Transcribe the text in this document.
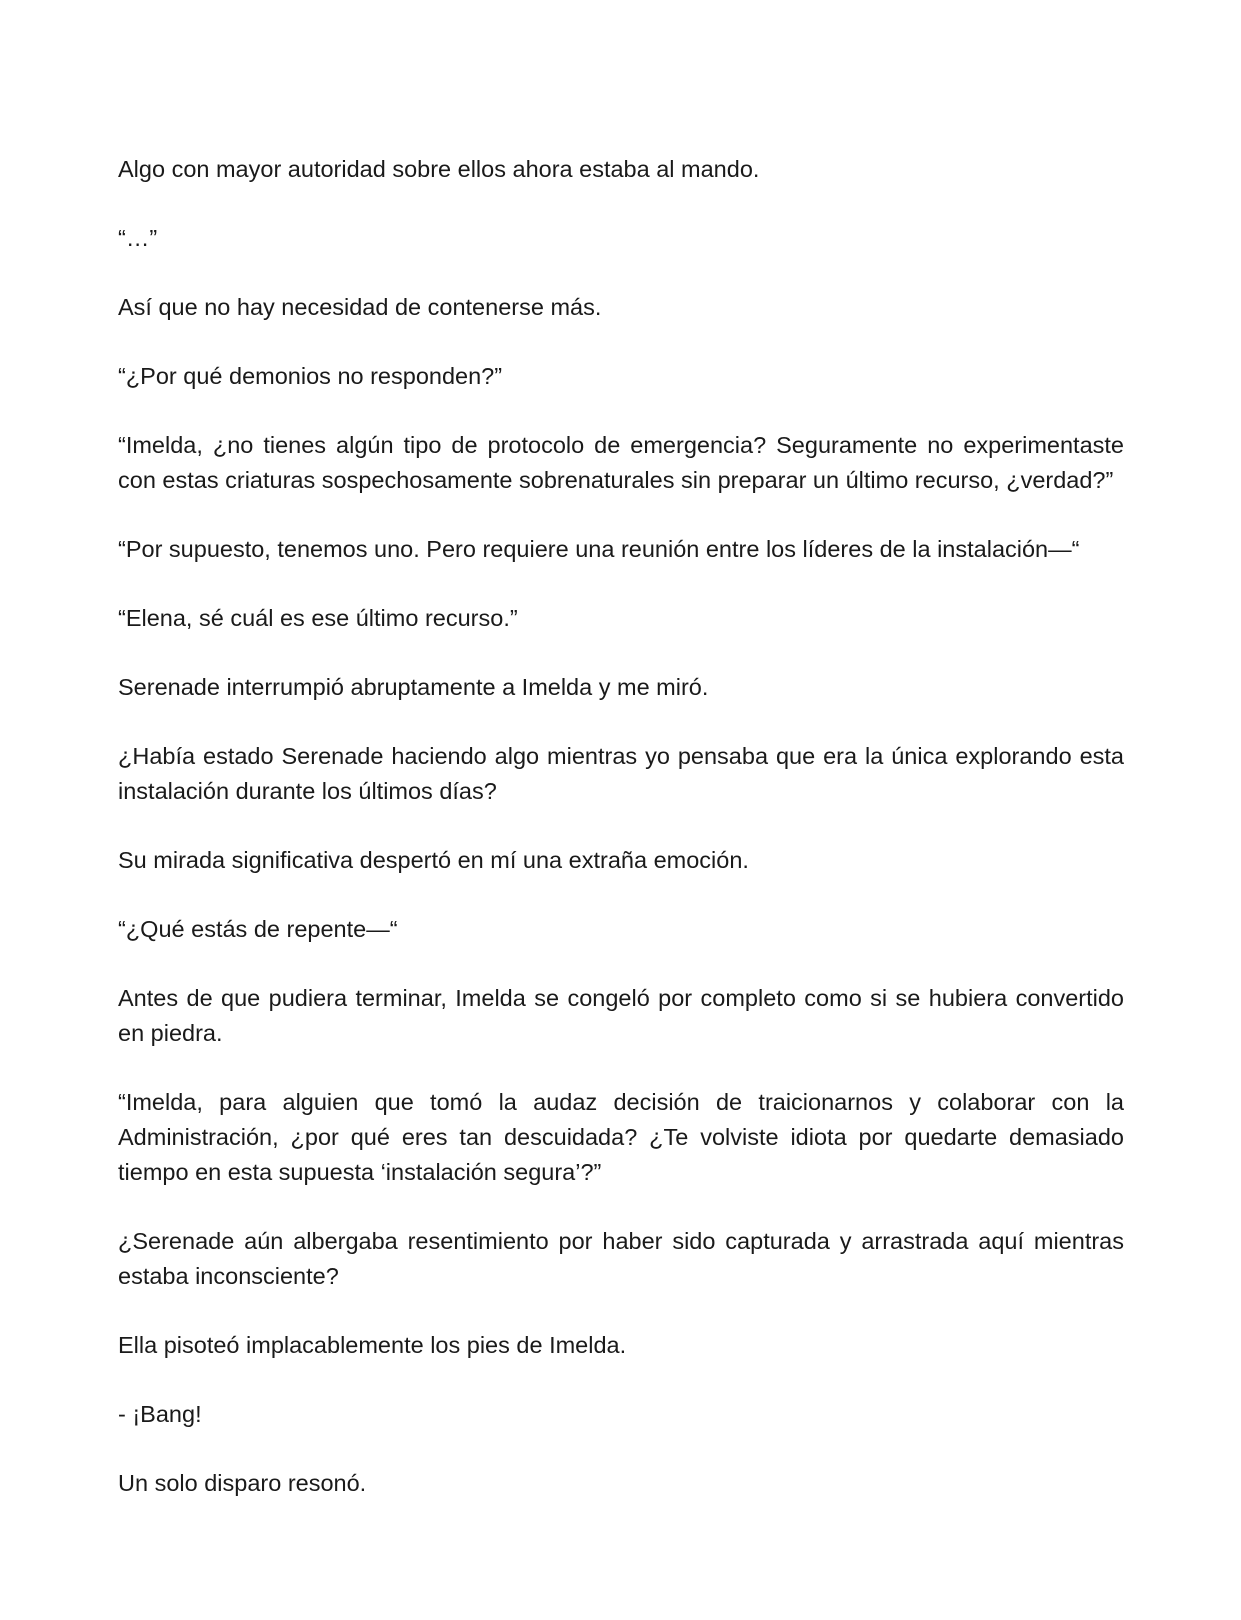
Algo con mayor autoridad sobre ellos ahora estaba al mando.

“…”

Así que no hay necesidad de contenerse más.

“¿Por qué demonios no responden?”

“Imelda, ¿no tienes algún tipo de protocolo de emergencia? Seguramente no experimentaste con estas criaturas sospechosamente sobrenaturales sin preparar un último recurso, ¿verdad?”

“Por supuesto, tenemos uno. Pero requiere una reunión entre los líderes de la instalación—“

“Elena, sé cuál es ese último recurso.”

Serenade interrumpió abruptamente a Imelda y me miró.

¿Había estado Serenade haciendo algo mientras yo pensaba que era la única explorando esta instalación durante los últimos días?

Su mirada significativa despertó en mí una extraña emoción.

“¿Qué estás de repente—“

Antes de que pudiera terminar, Imelda se congeló por completo como si se hubiera convertido en piedra.

“Imelda, para alguien que tomó la audaz decisión de traicionarnos y colaborar con la Administración, ¿por qué eres tan descuidada? ¿Te volviste idiota por quedarte demasiado tiempo en esta supuesta ‘instalación segura’?”

¿Serenade aún albergaba resentimiento por haber sido capturada y arrastrada aquí mientras estaba inconsciente?

Ella pisoteó implacablemente los pies de Imelda.

- ¡Bang!

Un solo disparo resonó.
